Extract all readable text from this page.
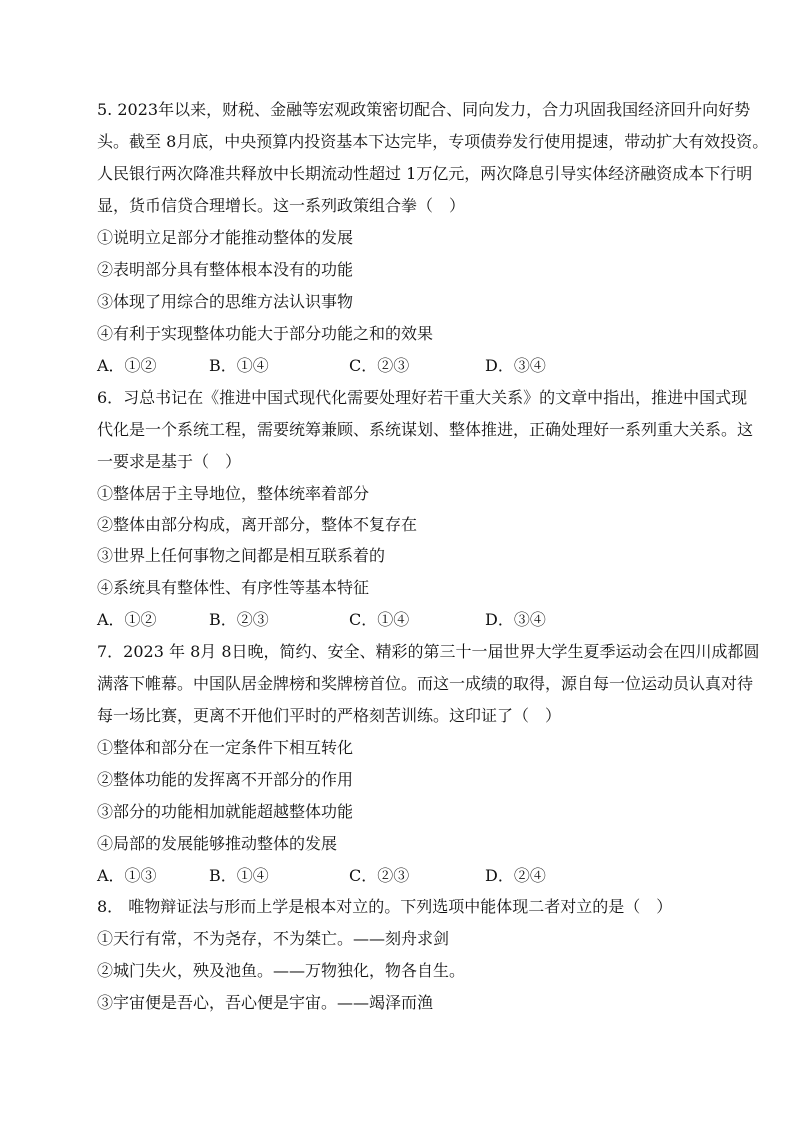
5. 2023年以来，财税、金融等宏观政策密切配合、同向发力，合力巩固我国经济回升向好势
头。截至 8月底，中央预算内投资基本下达完毕，专项债券发行使用提速，带动扩大有效投资。
人民银行两次降准共释放中长期流动性超过 1万亿元，两次降息引导实体经济融资成本下行明
显，货币信贷合理增长。这一系列政策组合拳（　）
①说明立足部分才能推动整体的发展
②表明部分具有整体根本没有的功能
③体现了用综合的思维方法认识事物
④有利于实现整体功能大于部分功能之和的效果
A．①②	B．①④	C．②③	D．③④
6．习总书记在《推进中国式现代化需要处理好若干重大关系》的文章中指出，推进中国式现
代化是一个系统工程，需要统筹兼顾、系统谋划、整体推进，正确处理好一系列重大关系。这
一要求是基于（　）
①整体居于主导地位，整体统率着部分
②整体由部分构成，离开部分，整体不复存在
③世界上任何事物之间都是相互联系着的
④系统具有整体性、有序性等基本特征
A．①②	B．②③	C．①④	D．③④
7．2023 年 8月 8日晚，简约、安全、精彩的第三十一届世界大学生夏季运动会在四川成都圆
满落下帷幕。中国队居金牌榜和奖牌榜首位。而这一成绩的取得，源自每一位运动员认真对待
每一场比赛，更离不开他们平时的严格刻苦训练。这印证了（　）
①整体和部分在一定条件下相互转化
②整体功能的发挥离不开部分的作用
③部分的功能相加就能超越整体功能
④局部的发展能够推动整体的发展
A．①③	B．①④	C．②③	D．②④
8． 唯物辩证法与形而上学是根本对立的。下列选项中能体现二者对立的是（　）
①天行有常，不为尧存，不为桀亡。——刻舟求剑
②城门失火，殃及池鱼。——万物独化，物各自生。
③宇宙便是吾心，吾心便是宇宙。——竭泽而渔
